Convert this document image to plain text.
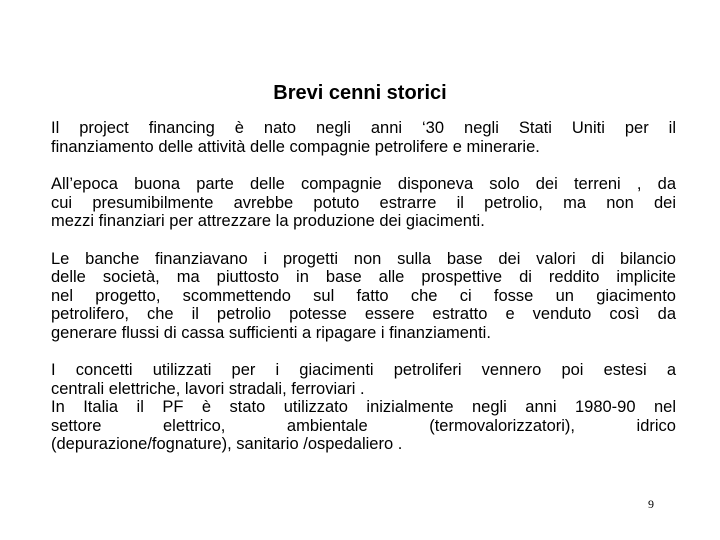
Brevi cenni storici

Il project financing è nato negli anni ‘30 negli Stati Uniti per il
finanziamento delle attività delle compagnie petrolifere e minerarie.

All’epoca buona parte delle compagnie disponeva solo dei terreni , da
cui presumibilmente avrebbe potuto estrarre il petrolio, ma non dei
mezzi finanziari per attrezzare la produzione dei giacimenti.

Le banche finanziavano i progetti non sulla base dei valori di bilancio
delle società, ma piuttosto in base alle prospettive di reddito implicite
nel progetto, scommettendo sul fatto che ci fosse un giacimento
petrolifero, che il petrolio potesse essere estratto e venduto così da
generare flussi di cassa sufficienti a ripagare i finanziamenti.

I concetti utilizzati per i giacimenti petroliferi vennero poi estesi a
centrali elettriche, lavori stradali, ferroviari .

In Italia il PF è stato utilizzato inizialmente negli anni 1980-90 nel
settore elettrico, ambientale (termovalorizzatori), idrico
(depurazione/fognature), sanitario /ospedaliero .

9
